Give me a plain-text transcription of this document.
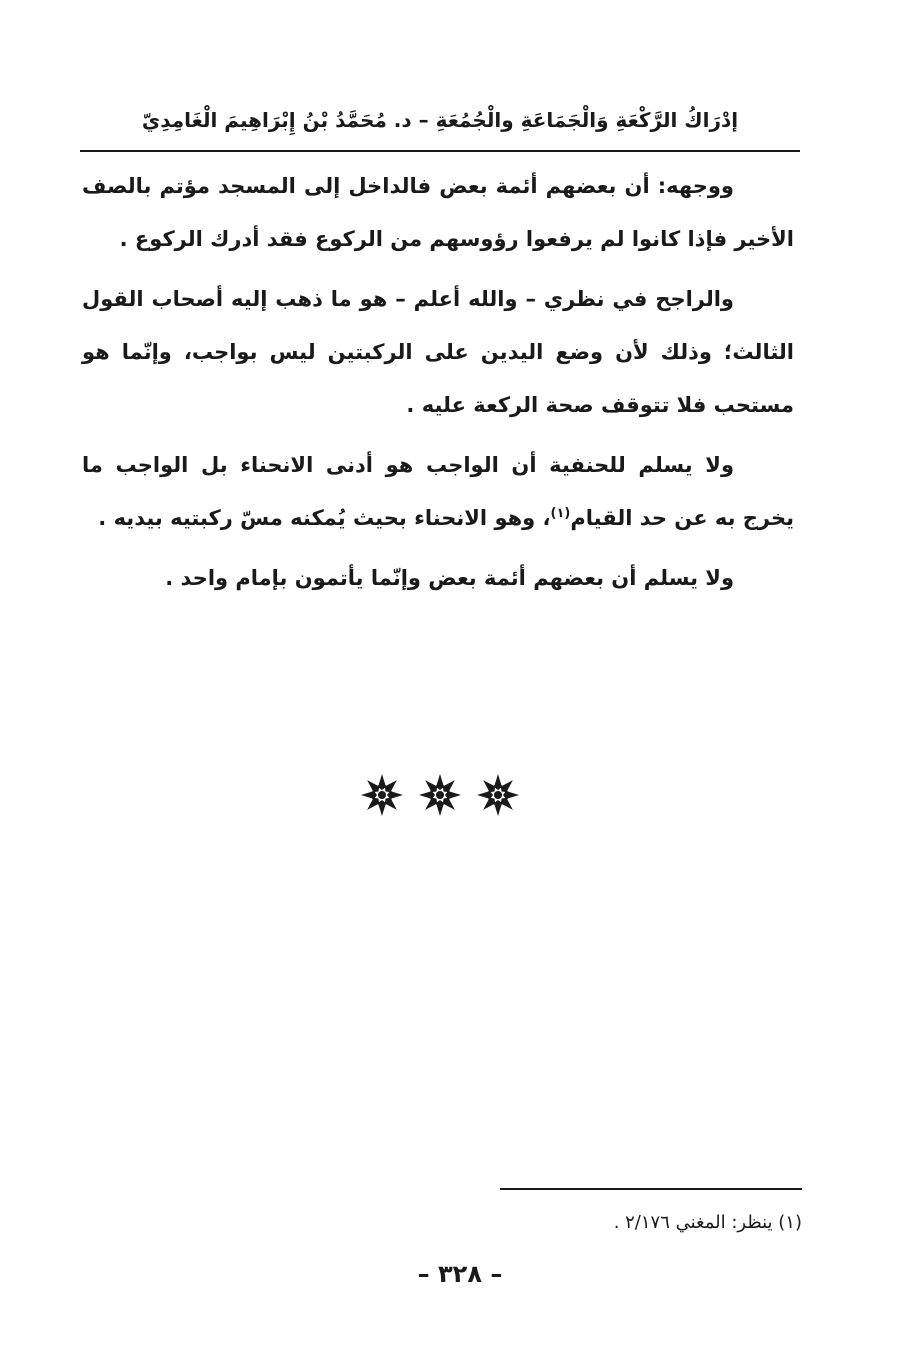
إدْرَاكُ الرَّكْعَةِ وَالْجَمَاعَةِ والْجُمُعَةِ – د. مُحَمَّدُ بْنُ إِبْرَاهِيمَ الْغَامِدِيّ

ووجهه: أن بعضهم أئمة بعض فالداخل إلى المسجد مؤتم بالصف الأخير فإذا كانوا لم يرفعوا رؤوسهم من الركوع فقد أدرك الركوع .

والراجح في نظري – والله أعلم – هو ما ذهب إليه أصحاب القول الثالث؛ وذلك لأن وضع اليدين على الركبتين ليس بواجب، وإنّما هو مستحب فلا تتوقف صحة الركعة عليه .

ولا يسلم للحنفية أن الواجب هو أدنى الانحناء بل الواجب ما يخرج به عن حد القيام$^{(١)}$، وهو الانحناء بحيث يُمكنه مسّ ركبتيه بيديه .

ولا يسلم أن بعضهم أئمة بعض وإنّما يأتمون بإمام واحد .

(١) ينظر: المغني ٢/١٧٦ .
– ٣٢٨ –
